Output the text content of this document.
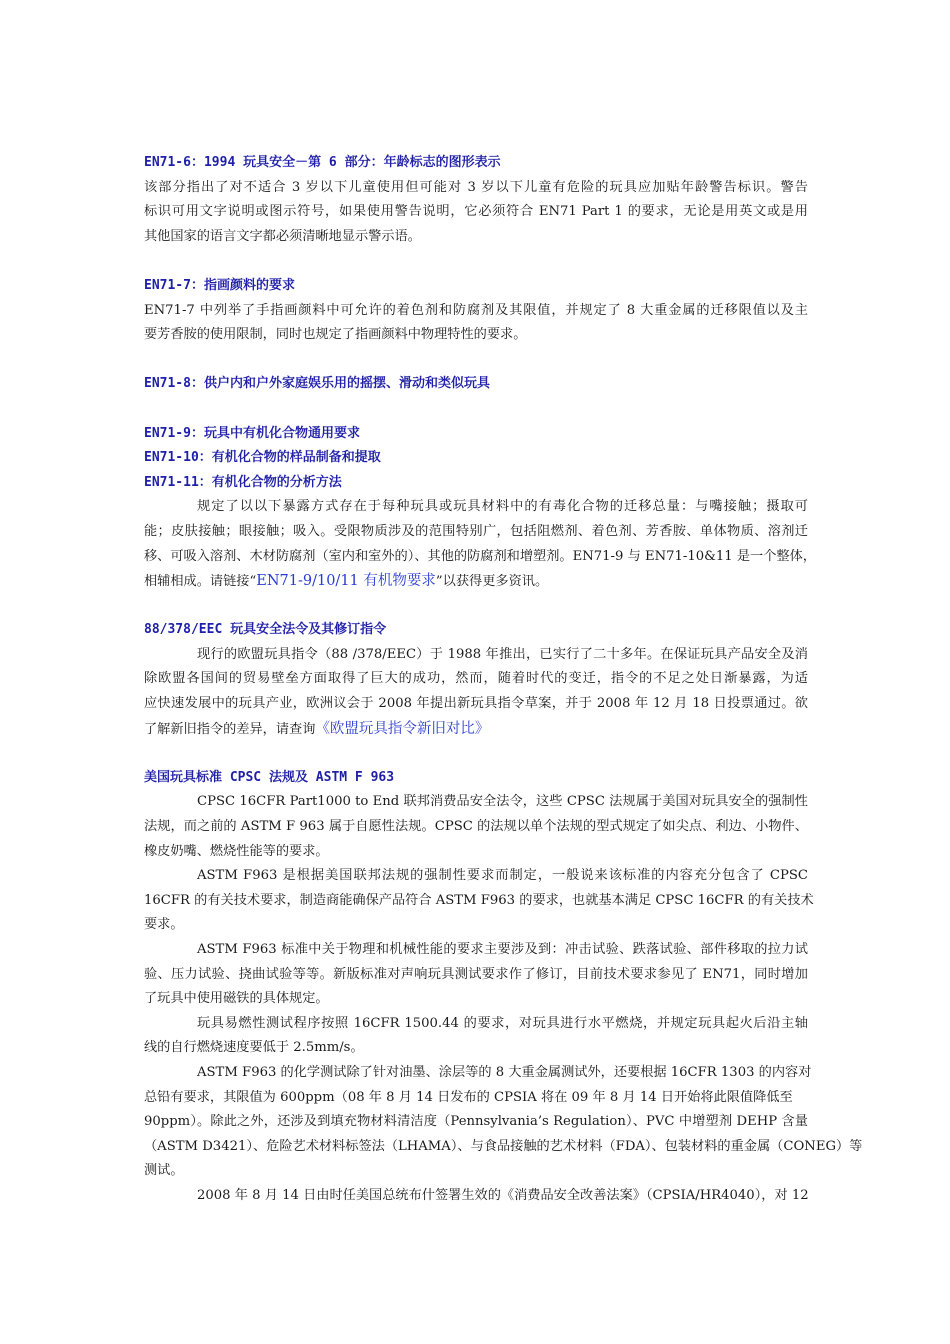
EN71-6：1994 玩具安全－第 6 部分：年龄标志的图形表示
该部分指出了对不适合 3 岁以下儿童使用但可能对 3 岁以下儿童有危险的玩具应加贴年龄警告标识。警告
标识可用文字说明或图示符号，如果使用警告说明，它必须符合 EN71 Part 1 的要求，无论是用英文或是用
其他国家的语言文字都必须清晰地显示警示语。
EN71-7：指画颜料的要求
EN71-7 中列举了手指画颜料中可允许的着色剂和防腐剂及其限值，并规定了 8 大重金属的迁移限值以及主
要芳香胺的使用限制，同时也规定了指画颜料中物理特性的要求。
EN71-8：供户内和户外家庭娱乐用的摇摆、滑动和类似玩具
EN71-9：玩具中有机化合物通用要求
EN71-10：有机化合物的样品制备和提取
EN71-11：有机化合物的分析方法
规定了以以下暴露方式存在于每种玩具或玩具材料中的有毒化合物的迁移总量：与嘴接触；摄取可
能；皮肤接触；眼接触；吸入。受限物质涉及的范围特别广，包括阻燃剂、着色剂、芳香胺、单体物质、溶剂迁
移、可吸入溶剂、木材防腐剂（室内和室外的）、其他的防腐剂和增塑剂。EN71-9 与 EN71-10&11 是一个整体，
相辅相成。请链接“EN71-9/10/11 有机物要求”以获得更多资讯。
88/378/EEC 玩具安全法令及其修订指令
现行的欧盟玩具指令（88 /378/EEC）于 1988 年推出，已实行了二十多年。在保证玩具产品安全及消
除欧盟各国间的贸易壁垒方面取得了巨大的成功，然而，随着时代的变迁，指令的不足之处日渐暴露，为适
应快速发展中的玩具产业，欧洲议会于 2008 年提出新玩具指令草案，并于 2008 年 12 月 18 日投票通过。欲
了解新旧指令的差异，请查询《欧盟玩具指令新旧对比》
美国玩具标准 CPSC 法规及 ASTM F 963
CPSC 16CFR Part1000 to End 联邦消费品安全法令，这些 CPSC 法规属于美国对玩具安全的强制性
法规，而之前的 ASTM F 963 属于自愿性法规。CPSC 的法规以单个法规的型式规定了如尖点、利边、小物件、
橡皮奶嘴、燃烧性能等的要求。
ASTM F963 是根据美国联邦法规的强制性要求而制定，一般说来该标准的内容充分包含了 CPSC
16CFR 的有关技术要求，制造商能确保产品符合 ASTM F963 的要求，也就基本满足 CPSC 16CFR 的有关技术
要求。
ASTM F963 标准中关于物理和机械性能的要求主要涉及到：冲击试验、跌落试验、部件移取的拉力试
验、压力试验、挠曲试验等等。新版标准对声响玩具测试要求作了修订，目前技术要求参见了 EN71，同时增加
了玩具中使用磁铁的具体规定。
玩具易燃性测试程序按照 16CFR 1500.44 的要求，对玩具进行水平燃烧，并规定玩具起火后沿主轴
线的自行燃烧速度要低于 2.5mm/s。
ASTM F963 的化学测试除了针对油墨、涂层等的 8 大重金属测试外，还要根据 16CFR 1303 的内容对
总铅有要求，其限值为 600ppm（08 年 8 月 14 日发布的 CPSIA 将在 09 年 8 月 14 日开始将此限值降低至
90ppm）。除此之外，还涉及到填充物材料清洁度（Pennsylvania’s Regulation）、PVC 中增塑剂 DEHP 含量
（ASTM D3421）、危险艺术材料标签法（LHAMA）、与食品接触的艺术材料（FDA）、包装材料的重金属（CONEG）等
测试。
2008 年 8 月 14 日由时任美国总统布什签署生效的《消费品安全改善法案》（CPSIA/HR4040），对 12
